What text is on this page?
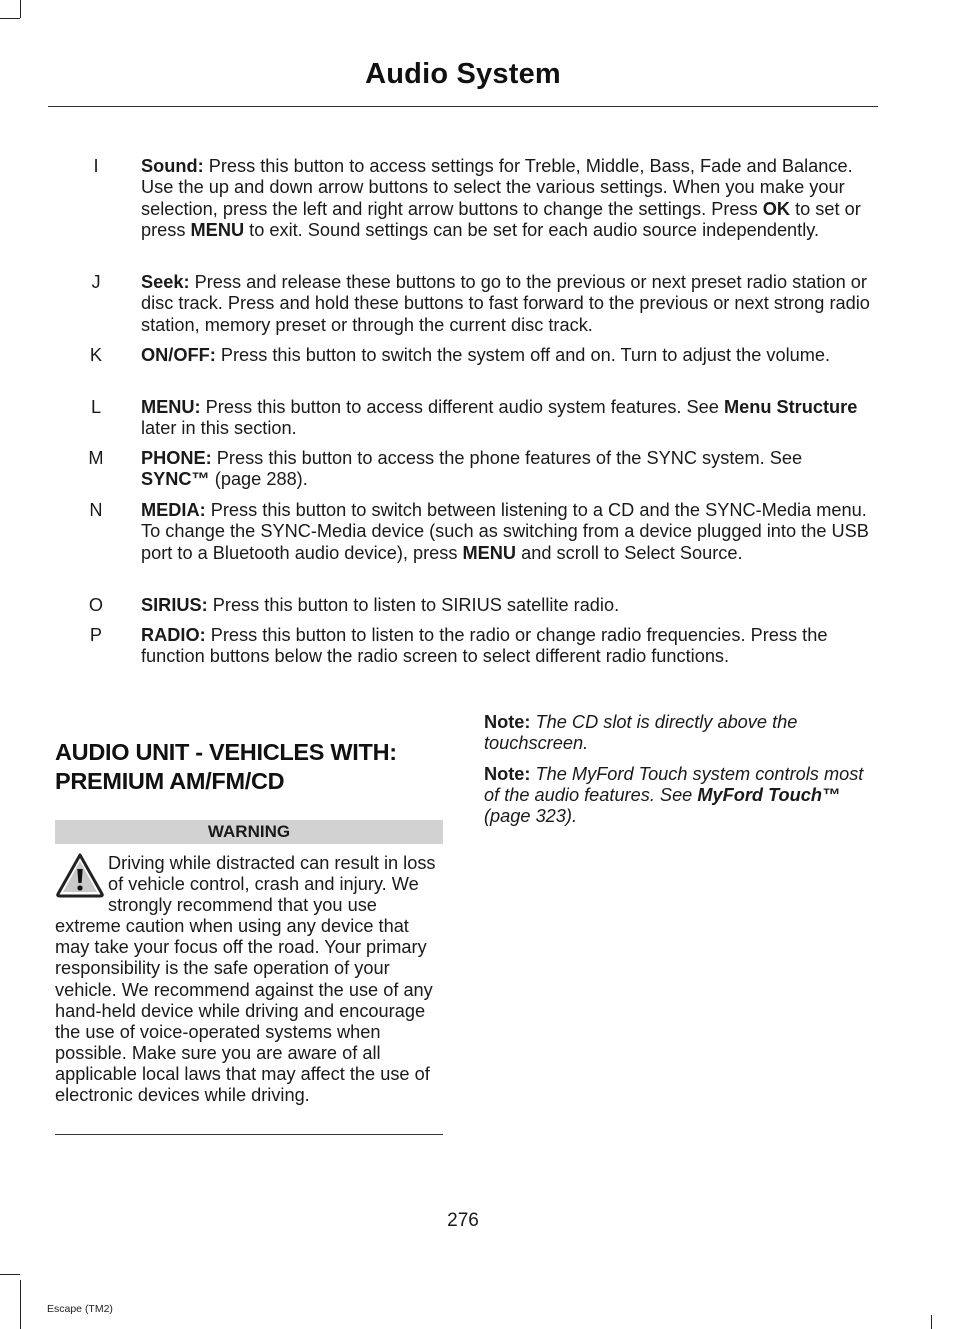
Audio System
I	Sound: Press this button to access settings for Treble, Middle, Bass, Fade and Balance. Use the up and down arrow buttons to select the various settings. When you make your selection, press the left and right arrow buttons to change the settings. Press OK to set or press MENU to exit. Sound settings can be set for each audio source independently.
J Seek: Press and release these buttons to go to the previous or next preset radio station or disc track. Press and hold these buttons to fast forward to the previous or next strong radio station, memory preset or through the current disc track.
K ON/OFF: Press this button to switch the system off and on. Turn to adjust the volume.
L MENU: Press this button to access different audio system features. See Menu Structure later in this section.
M PHONE: Press this button to access the phone features of the SYNC system. See SYNC™ (page 288).
N MEDIA: Press this button to switch between listening to a CD and the SYNC-Media menu. To change the SYNC-Media device (such as switching from a device plugged into the USB port to a Bluetooth audio device), press MENU and scroll to Select Source.
O SIRIUS: Press this button to listen to SIRIUS satellite radio.
P RADIO: Press this button to listen to the radio or change radio frequencies. Press the function buttons below the radio screen to select different radio functions.
AUDIO UNIT - VEHICLES WITH:
PREMIUM AM/FM/CD
WARNING
Driving while distracted can result in loss of vehicle control, crash and injury. We strongly recommend that you use extreme caution when using any device that may take your focus off the road. Your primary responsibility is the safe operation of your vehicle. We recommend against the use of any hand-held device while driving and encourage the use of voice-operated systems when possible. Make sure you are aware of all applicable local laws that may affect the use of electronic devices while driving.
Note: The CD slot is directly above the touchscreen.
Note: The MyFord Touch system controls most of the audio features. See MyFord Touch™ (page 323).
276
Escape (TM2)
